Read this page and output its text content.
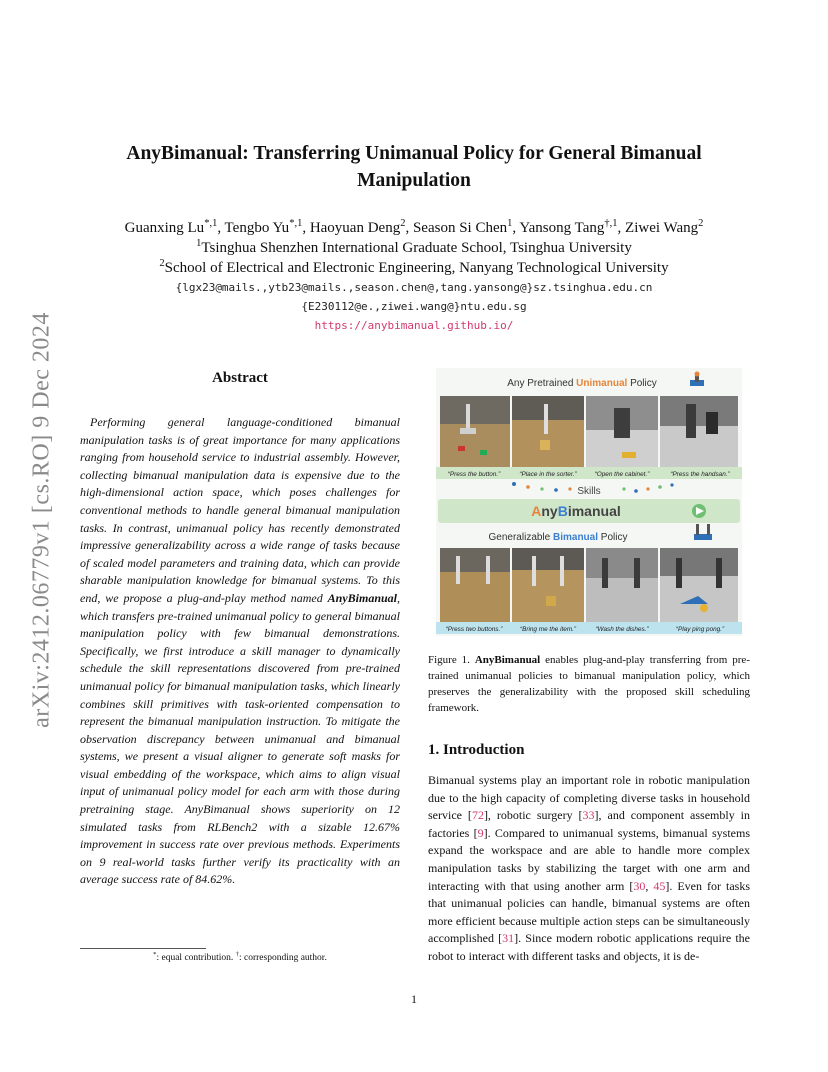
arXiv:2412.06779v1 [cs.RO] 9 Dec 2024
AnyBimanual: Transferring Unimanual Policy for General Bimanual
Manipulation
Guanxing $Lu^{*,1}$, Tengbo $Yu^{*,1}$, Haoyuan Deng$^2$, Season Si Chen$^1$, Yansong Tang$^{\dagger,1}$, Ziwei Wang$^2$
$^1$Tsinghua Shenzhen International Graduate School, Tsinghua University
$^2$School of Electrical and Electronic Engineering, Nanyang Technological University
{lgx23@mails.,ytb23@mails.,season.chen@,tang.yansong@}sz.tsinghua.edu.cn
{E230112@e.,ziwei.wang@}ntu.edu.sg
https://anybimanual.github.io/
Abstract
Performing general language-conditioned bimanual manipulation tasks is of great importance for many applications ranging from household service to industrial assembly. However, collecting bimanual manipulation data is expensive due to the high-dimensional action space, which poses challenges for conventional methods to handle general bimanual manipulation tasks. In contrast, unimanual policy has recently demonstrated impressive generalizability across a wide range of tasks because of scaled model parameters and training data, which can provide sharable manipulation knowledge for bimanual systems. To this end, we propose a plug-and-play method named AnyBimanual, which transfers pre-trained unimanual policy to general bimanual manipulation policy with few bimanual demonstrations. Specifically, we first introduce a skill manager to dynamically schedule the skill representations discovered from pre-trained unimanual policy for bimanual manipulation tasks, which linearly combines skill primitives with task-oriented compensation to represent the bimanual manipulation instruction. To mitigate the observation discrepancy between unimanual and bimanual systems, we present a visual aligner to generate soft masks for visual embedding of the workspace, which aims to align visual input of unimanual policy model for each arm with those during pretraining stage. AnyBimanual shows superiority on 12 simulated tasks from RLBench2 with a sizable 12.67% improvement in success rate over previous methods. Experiments on 9 real-world tasks further verify its practicality with an average success rate of 84.62%.
*: equal contribution. †: corresponding author.
Any Pretrained Unimanual Policy
“Press the button.”	“Place in the sorter.”	“Open the cabinet.”	“Press the handsan.”
Skills
AnyBimanual
Generalizable Bimanual Policy
“Press two buttons.”	“Bring me the item.”	“Wash the dishes.”	“Play ping pong.”
Figure 1. AnyBimanual enables plug-and-play transferring from pre-trained unimanual policies to bimanual manipulation policy, which preserves the generalizability with the proposed skill scheduling framework.
1. Introduction
Bimanual systems play an important role in robotic manipulation due to the high capacity of completing diverse tasks in household service [72], robotic surgery [33], and component assembly in factories [9]. Compared to unimanual systems, bimanual systems expand the workspace and are able to handle more complex manipulation tasks by stabilizing the target with one arm and interacting with that using another arm [30, 45]. Even for tasks that unimanual policies can handle, bimanual systems are often more efficient because multiple action steps can be simultaneously accomplished [31]. Since modern robotic applications require the robot to interact with different tasks and objects, it is de-
1
